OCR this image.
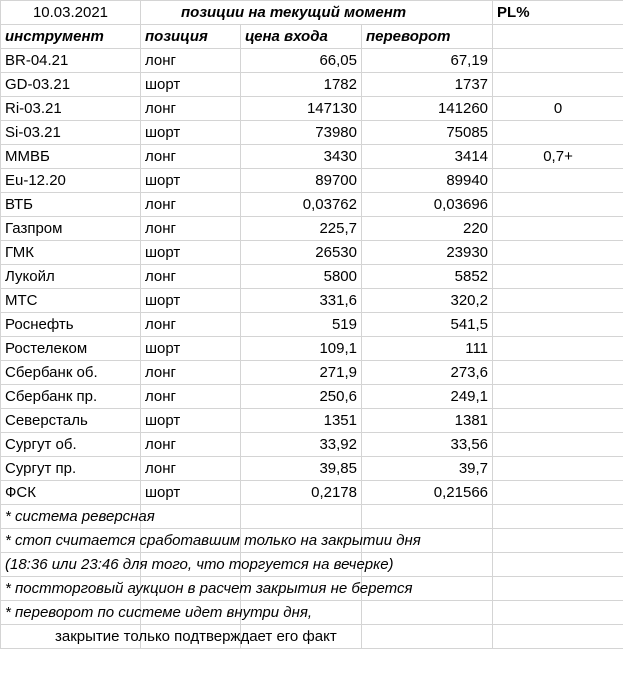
10.03.2021	позиции на текущий момент			PL%
инструмент	позиция	цена входа	переворот	
BR-04.21	лонг	66,05	67,19	
GD-03.21	шорт	1782	1737	
Ri-03.21	лонг	147130	141260	0
Si-03.21	шорт	73980	75085	
ММВБ	лонг	3430	3414	0,7+
Eu-12.20	шорт	89700	89940	
ВТБ	лонг	0,03762	0,03696	
Газпром	лонг	225,7	220	
ГМК	шорт	26530	23930	
Лукойл	лонг	5800	5852	
МТС	шорт	331,6	320,2	
Роснефть	лонг	519	541,5	
Ростелеком	шорт	109,1	111	
Сбербанк об.	лонг	271,9	273,6	
Сбербанк пр.	лонг	250,6	249,1	
Северсталь	шорт	1351	1381	
Сургут об.	лонг	33,92	33,56	
Сургут пр.	лонг	39,85	39,7	
ФСК	шорт	0,2178	0,21566	
* система реверсная				
* стоп считается сработавшим только на закрытии дня				
(18:36 или 23:46 для того, что торгуется на вечерке)				
* постторговый аукцион в расчет закрытия не берется				
* переворот по системе идет внутри дня,				
закрытие только подтверждает его факт				
